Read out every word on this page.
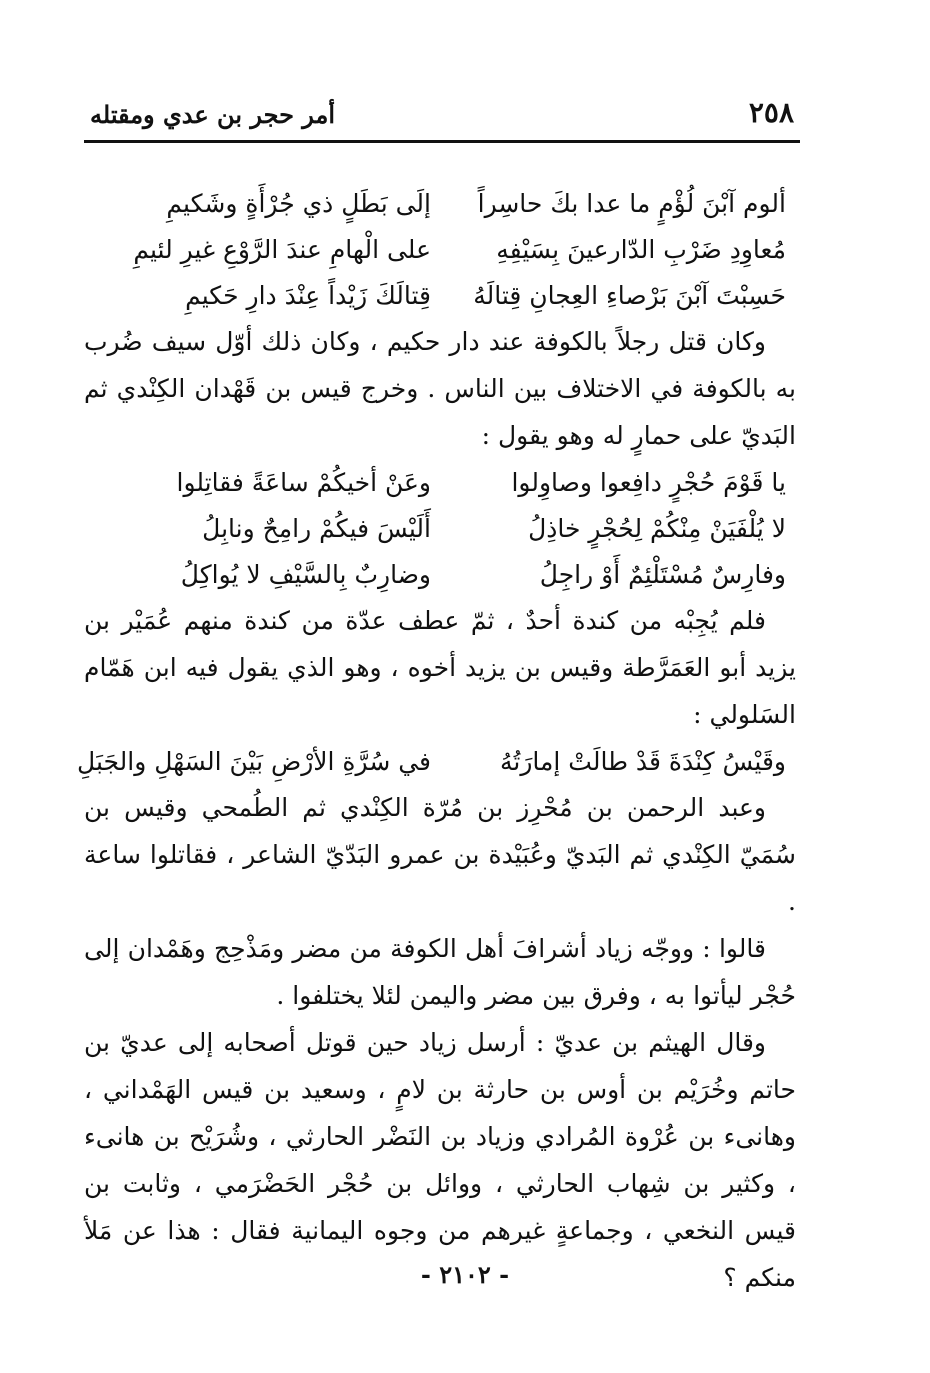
٢٥٨
أمر حجر بن عدي ومقتله
ألوم آبْنَ لُؤْمٍ ما عدا بكَ حاسِراً
إلَى بَطَلٍ ذي جُرْأَةٍ وشَكيمِ
مُعاوِدِ ضَرْبِ الدّارعينَ بِسَيْفِهِ
على الْهامِ عندَ الرَّوْعِ غيرِ لئيمِ
حَسِبْتَ آبْنَ بَرْصاءِ العِجانِ قِتالَهُ
قِتالَكَ زَيْداً عِنْدَ دارِ حَكيمِ

وكان قتل رجلاً بالكوفة عند دار حكيم ، وكان ذلك أوّل سيف ضُرب به بالكوفة في الاختلاف بين الناس . وخرج قيس بن قَهْدان الكِنْدي ثم البَديّ على حمارٍ له وهو يقول :

يا قَوْمَ حُجْرٍ دافِعوا وصاوِلوا
وعَنْ أخيكُمْ ساعَةً فقاتِلوا
لا يُلْفَيَنْ مِنْكُمْ لِحُجْرٍ خاذِلُ
أَلَيْسَ فيكُمْ رامِحٌ ونابِلُ
وفارِسٌ مُسْتَلْئِمٌ أَوْ راجِلُ
وضارِبٌ بِالسَّيْفِ لا يُواكِلُ

فلم يُجِبْه من كندة أحدٌ ، ثمّ عطف عدّة من كندة منهم عُمَيْر بن يزيد أبو العَمَرَّطة وقيس بن يزيد أخوه ، وهو الذي يقول فيه ابن هَمّام السَلولي :

وقَيْسُ كِنْدَةَ قَدْ طالَتْ إمارَتُهُ
في سُرَّةِ الأرْضِ بَيْنَ السَهْلِ والجَبَلِ

وعبد الرحمن بن مُحْرِز بن مُرّة الكِنْدي ثم الطُمحي وقيس بن سُمَيّ الكِنْدي ثم البَديّ وعُبَيْدة بن عمرو البَدّيّ الشاعر ، فقاتلوا ساعة .

قالوا : ووجّه زياد أشرافَ أهل الكوفة من مضر ومَذْحِج وهَمْدان إلى حُجْر ليأتوا به ، وفرق بين مضر واليمن لئلا يختلفوا .

وقال الهيثم بن عديّ : أرسل زياد حين قوتل أصحابه إلى عديّ بن حاتم وخُرَيْم بن أوس بن حارثة بن لامٍ ، وسعيد بن قيس الهَمْداني ، وهانىء بن عُرْوة المُرادي وزياد بن النَضْر الحارثي ، وشُرَيْح بن هانىء ، وكثير بن شِهاب الحارثي ، ووائل بن حُجْر الحَضْرَمي ، وثابت بن قيس النخعي ، وجماعةٍ غيرهم من وجوه اليمانية فقال : هذا عن مَلأ منكم ؟

- ٢١٠٢ -
